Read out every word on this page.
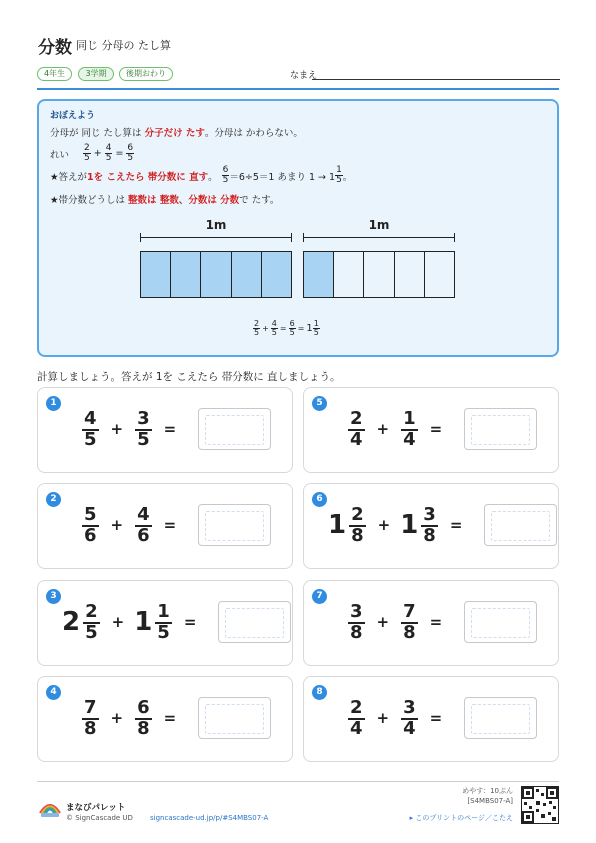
分数 同じ 分母の たし算
4年生	3学期	後期おわり	なまえ
おぼえよう
分母が 同じ たし算は 分子だけ たす。分母は かわらない。
れい $\frac{2}{5} + \frac{4}{5} = \frac{6}{5}$
★答えが 1を こえたら 帯分数に 直す 。 $\frac{6}{5} =6\div 5=1$ あまり $1 \to 1 \frac{1}{5}$ 。
★帯分数どうしは 整数は 整数、分数は 分数で たす。
1m	1m
$\frac{2}{5} + \frac{4}{5} = \frac{6}{5} = 1 \frac{1}{5}$
計算しましょう。答えが 1を こえたら 帯分数に 直しましょう。
1
$\frac{4}{5} + \frac{3}{5}$ =
2
$\frac{5}{6} + \frac{4}{6}$ =
3
$2 \frac{2}{5} + 1 \frac{1}{5}$ =
4
$\frac{7}{8} + \frac{6}{8}$ =
5
$\frac{2}{4} + \frac{1}{4}$ =
6
$1 \frac{2}{8} + 1 \frac{3}{8}$ =
7
$\frac{3}{8} + \frac{7}{8}$ =
8
$\frac{2}{4} + \frac{3}{4}$ =
まなびパレット
© SignCascade UD signcascade-ud.jp/p/#S4MBS07-A
めやす：10ぷん
[S4MBS07-A]
▸ このプリントのページ／こたえ
